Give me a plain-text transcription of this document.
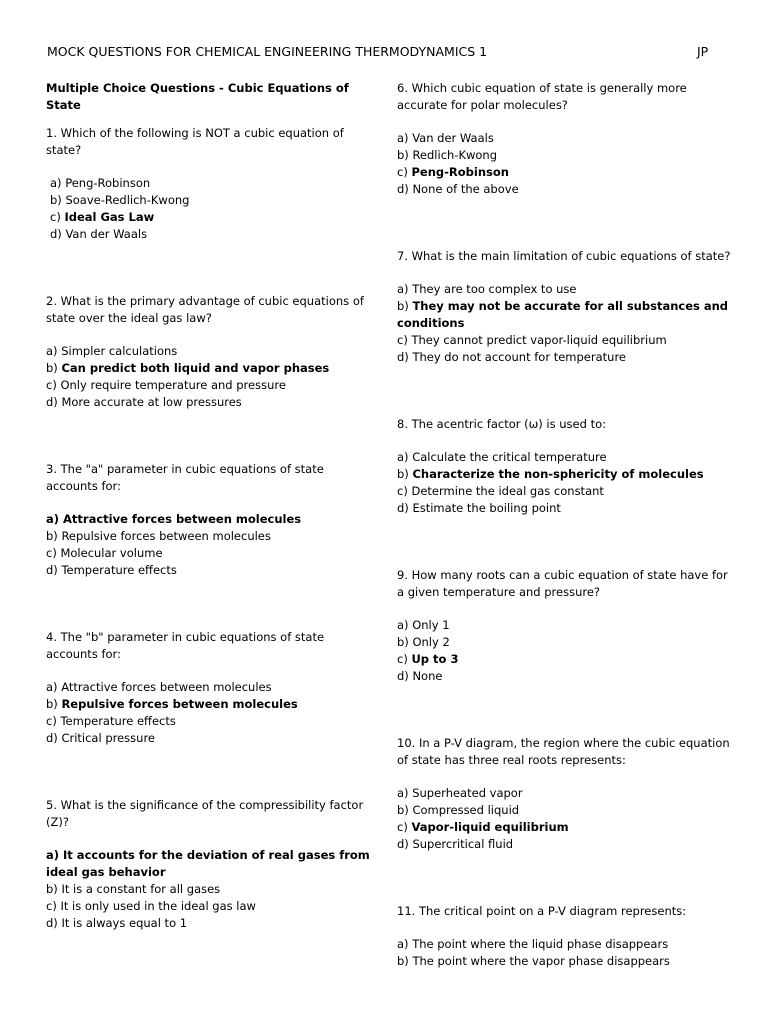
MOCK QUESTIONS FOR CHEMICAL ENGINEERING THERMODYNAMICS 1	JP
Multiple Choice Questions - Cubic Equations of State
1. Which of the following is NOT a cubic equation of state?
a) Peng-Robinson
b) Soave-Redlich-Kwong
c) Ideal Gas Law
d) Van der Waals
2. What is the primary advantage of cubic equations of state over the ideal gas law?
a) Simpler calculations
b) Can predict both liquid and vapor phases
c) Only require temperature and pressure
d) More accurate at low pressures
3. The "a" parameter in cubic equations of state accounts for:
a) Attractive forces between molecules
b) Repulsive forces between molecules
c) Molecular volume
d) Temperature effects
4. The "b" parameter in cubic equations of state accounts for:
a) Attractive forces between molecules
b) Repulsive forces between molecules
c) Temperature effects
d) Critical pressure
5. What is the significance of the compressibility factor (Z)?
a) It accounts for the deviation of real gases from ideal gas behavior
b) It is a constant for all gases
c) It is only used in the ideal gas law
d) It is always equal to 1
6. Which cubic equation of state is generally more accurate for polar molecules?
a) Van der Waals
b) Redlich-Kwong
c) Peng-Robinson
d) None of the above
7. What is the main limitation of cubic equations of state?
a) They are too complex to use
b) They may not be accurate for all substances and conditions
c) They cannot predict vapor-liquid equilibrium
d) They do not account for temperature
8. The acentric factor (ω) is used to:
a) Calculate the critical temperature
b) Characterize the non-sphericity of molecules
c) Determine the ideal gas constant
d) Estimate the boiling point
9. How many roots can a cubic equation of state have for a given temperature and pressure?
a) Only 1
b) Only 2
c) Up to 3
d) None
10. In a P-V diagram, the region where the cubic equation of state has three real roots represents:
a) Superheated vapor
b) Compressed liquid
c) Vapor-liquid equilibrium
d) Supercritical fluid
11. The critical point on a P-V diagram represents:
a) The point where the liquid phase disappears
b) The point where the vapor phase disappears
